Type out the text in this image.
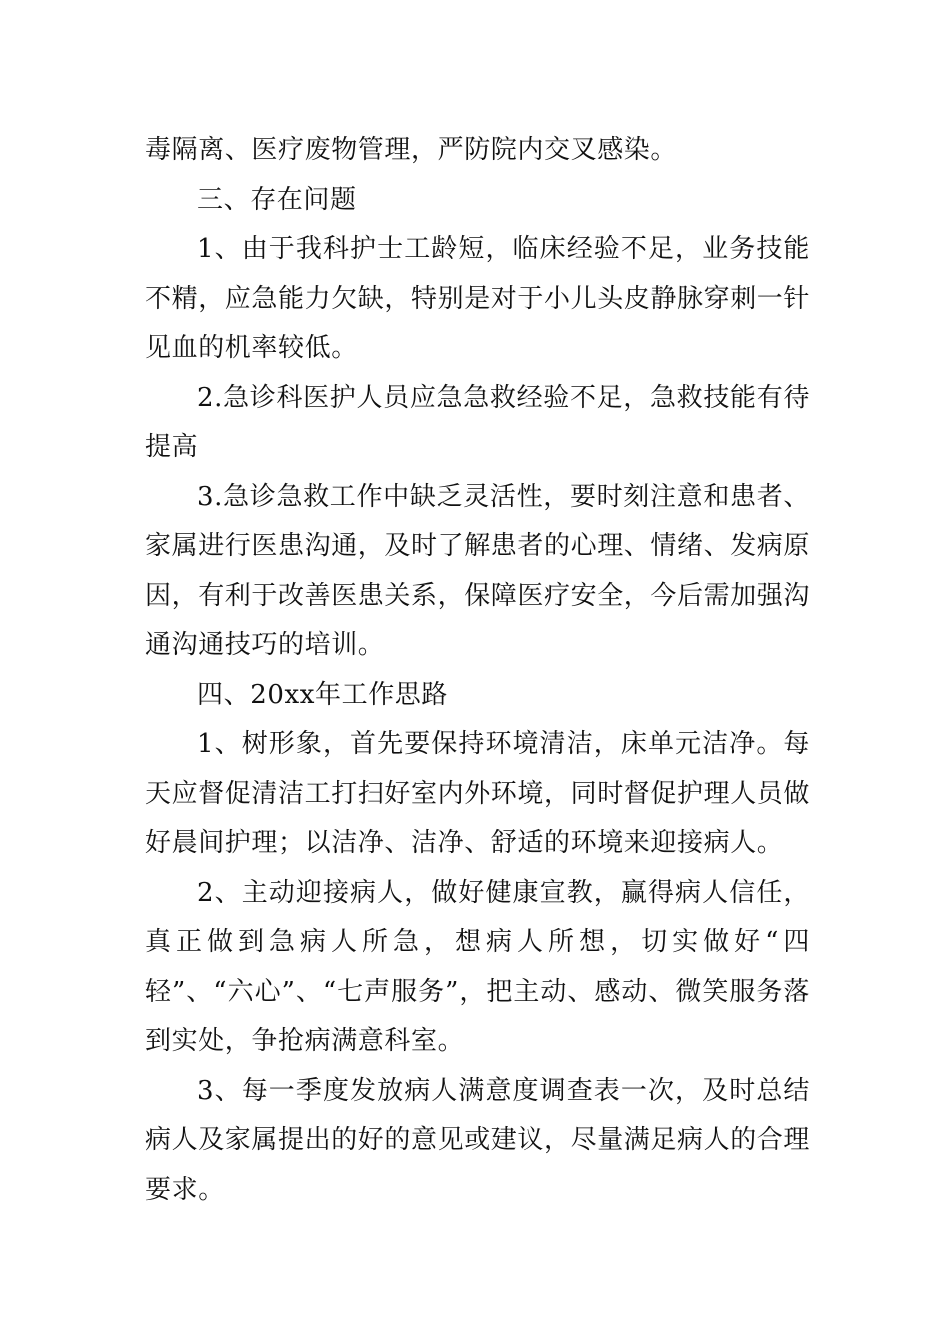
毒隔离、医疗废物管理，严防院内交叉感染。

三、存在问题

1、由于我科护士工龄短，临床经验不足，业务技能不精，应急能力欠缺，特别是对于小儿头皮静脉穿刺一针见血的机率较低。

2.急诊科医护人员应急急救经验不足，急救技能有待提高

3.急诊急救工作中缺乏灵活性，要时刻注意和患者、家属进行医患沟通，及时了解患者的心理、情绪、发病原因，有利于改善医患关系，保障医疗安全，今后需加强沟通沟通技巧的培训。

四、20xx年工作思路

1、树形象，首先要保持环境清洁，床单元洁净。每天应督促清洁工打扫好室内外环境，同时督促护理人员做好晨间护理；以洁净、洁净、舒适的环境来迎接病人。

2、主动迎接病人，做好健康宣教，赢得病人信任，真正做到急病人所急，想病人所想，切实做好“四轻”、“六心”、“七声服务”，把主动、感动、微笑服务落到实处，争抢病满意科室。

3、每一季度发放病人满意度调查表一次，及时总结病人及家属提出的好的意见或建议，尽量满足病人的合理要求。
